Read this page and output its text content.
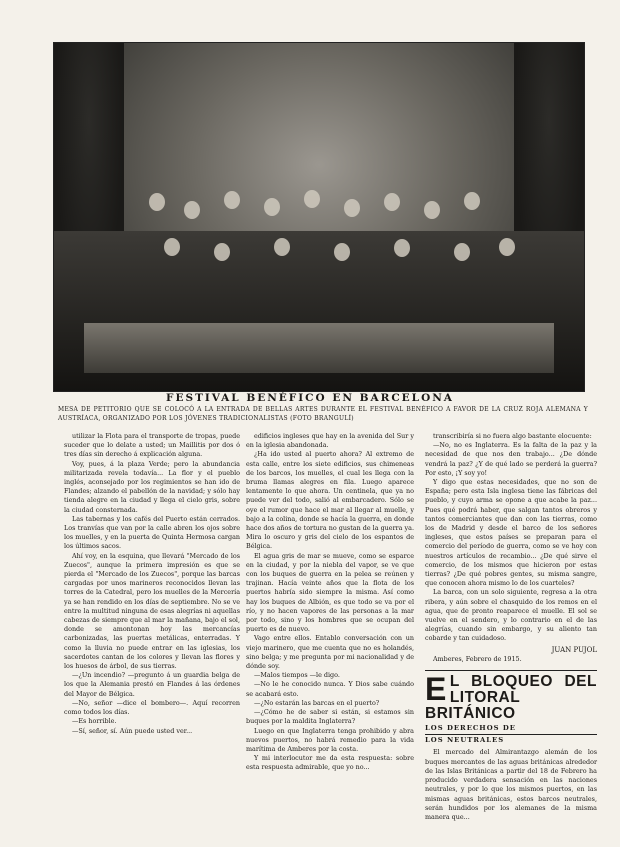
FESTIVAL BENÉFICO EN BARCELONA
MESA DE PETITORIO QUE SE COLOCÓ A LA ENTRADA DE BELLAS ARTES DURANTE EL FESTIVAL BENÉFICO A FAVOR DE LA CRUZ ROJA ALEMANA Y AUSTRÍACA, ORGANIZADO POR LOS JÓVENES TRADICIONALISTAS (FOTO BRANGULÍ)

utilizar la Flota para el transporte de tropas, puede suceder que lo delate a usted; un Maillitis por dos ó tres días sin derecho á explicación alguna.

Voy, pues, á la plaza Verde; pero la abundancia militarizada revela todavía... La flor y el pueblo inglés, aconsejado por los regimientos se han ido de Flandes; alzando el pabellón de la navidad; y sólo hay tienda alegre en la ciudad y llega el cielo gris, sobre la ciudad consternada.

Las tabernas y los cafés del Puerto están cerrados. Los tranvías que van por la calle abren los ojos sobre los muelles, y en la puerta de Quinta Hermosa cargan los últimos sacos.

Ahí voy, en la esquina, que llevará "Mercado de los Zuecos", aunque la primera impresión es que se pierda el "Mercado de los Zuecos", porque las barcas cargadas por unos marineros reconocidos llevan las torres de la Catedral, pero los muelles de la Mercería ya se han rendido en los días de septiembre. No se ve entre la multitud ninguna de esas alegrías ni aquellas cabezas de siempre que al mar la mañana, bajo el sol, donde se amontonan hoy las mercancías carbonizadas, las puertas metálicas, enterradas. Y como la lluvia no puede entrar en las iglesias, los sacerdotes cantan de los colores y llevan las flores y los huesos de árbol, de sus tierras.

—¿Un incendio? —pregunto á un guardia belga de los que la Alemania prestó en Flandes á las órdenes del Mayor de Bélgica.

—No, señor —dice el bombero—. Aquí recorren como todos los días.

—Es horrible.

—Sí, señor, sí. Aún puede usted ver...

edificios ingleses que hay en la avenida del Sur y en la iglesia abandonada.

¿Ha ido usted al puerto ahora? Al extremo de esta calle, entre los siete edificios, sus chimeneas de los barcos, los muelles, el cual les llega con la bruma llamas alegres en fila. Luego aparece lentamente lo que ahora. Un centinela, que ya no puede ver del todo, salió al embarcadero. Sólo se oye el rumor que hace el mar al llegar al muelle, y bajo a la colina, donde se hacía la guerra, en donde hace dos años de tortura no gustan de la guerra ya. Mira lo oscuro y gris del cielo de los espantos de Bélgica.

El agua gris de mar se mueve, como se esparce en la ciudad, y por la niebla del vapor, se ve que con los buques de guerra en la pelea se reúnen y trajinan. Hacía veinte años que la flota de los puertos habría sido siempre la misma. Así como hay los buques de Albión, es que todo se va por el río, y no hacen vapores de las personas a la mar por todo, sino y los hombres que se ocupan del puerto es de nuevo.

Vago entre ellos. Entablo conversación con un viejo marinero, que me cuenta que no es holandés, sino belga; y me pregunta por mi nacionalidad y de dónde soy.

—Malos tiempos —le digo.

—No le he conocido nunca. Y Dios sabe cuándo se acabará esto.

—¿No estarán las barcas en el puerto?

—¿Cómo he de saber si están, si estamos sin buques por la maldita Inglaterra?

Luego en que Inglaterra tenga prohibido y abra nuevos puertos, no habrá remedio para la vida marítima de Amberes por la costa.

Y mi interlocutor me da esta respuesta: sobre esta respuesta admirable, que yo no...

transcribiría si no fuera algo bastante elocuente:

—No, no es Inglaterra. Es la falta de la paz y la necesidad de que nos den trabajo... ¿De dónde vendrá la paz? ¿Y de qué lado se perderá la guerra? Por esto, ¡Y soy yo!

Y digo que estas necesidades, que no son de España; pero esta Isla inglesa tiene las fábricas del pueblo, y cuyo arma se opone a que acabe la paz... Pues qué podrá haber, que salgan tantos obreros y tantos comerciantes que dan con las tierras, como los de Madrid y desde el barco de los señores ingleses, que estos países se preparan para el comercio del período de guerra, como se ve hoy con nuestros artículos de recambio... ¿De qué sirve el comercio, de los mismos que hicieron por estas tierras? ¿De qué pobres gentes, su misma sangre, que conocen ahora mismo lo de los cuarteles?

La barca, con un solo siguiente, regresa a la otra ribera, y aún sobre el chasquido de los remos en el agua, que de pronto reaparece el muelle. El sol se vuelve en el sendero, y lo contrario en el de las alegrías, cuando sin embargo, y su aliento tan cobarde y tan cuidadoso.

JUAN PUJOL

Amberes, Febrero de 1915.

E L BLOQUEO DEL LITORAL BRITÁNICO
LOS DERECHOS DE
LOS NEUTRALES

El mercado del Almirantazgo alemán de los buques mercantes de las aguas británicas alrededor de las Islas Británicas a partir del 18 de Febrero ha producido verdadera sensación en las naciones neutrales, y por lo que los mismos puertos, en las mismas aguas británicas, estos barcos neutrales, serán hundidos por los alemanes de la misma manera que...
